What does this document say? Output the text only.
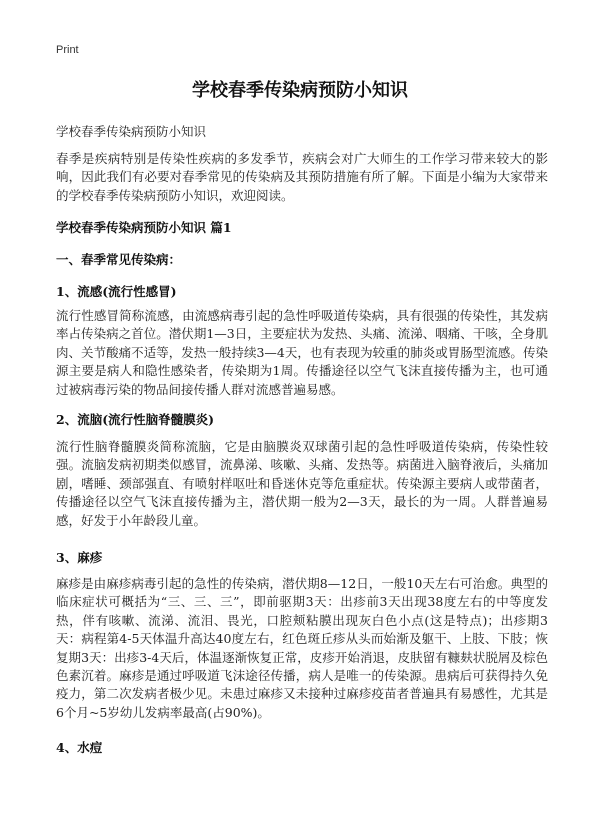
Print
学校春季传染病预防小知识

学校春季传染病预防小知识

春季是疾病特别是传染性疾病的多发季节，疾病会对广大师生的工作学习带来较大的影响，因此我们有必要对春季常见的传染病及其预防措施有所了解。下面是小编为大家带来的学校春季传染病预防小知识，欢迎阅读。

学校春季传染病预防小知识 篇1

一、春季常见传染病：

1、流感(流行性感冒)

流行性感冒简称流感，由流感病毒引起的急性呼吸道传染病，具有很强的传染性，其发病率占传染病之首位。潜伏期1—3日，主要症状为发热、头痛、流涕、咽痛、干咳，全身肌肉、关节酸痛不适等，发热一般持续3—4天，也有表现为较重的肺炎或胃肠型流感。传染源主要是病人和隐性感染者，传染期为1周。传播途径以空气飞沫直接传播为主，也可通过被病毒污染的物品间接传播人群对流感普遍易感。

2、流脑(流行性脑脊髓膜炎)

流行性脑脊髓膜炎简称流脑，它是由脑膜炎双球菌引起的急性呼吸道传染病，传染性较强。流脑发病初期类似感冒，流鼻涕、咳嗽、头痛、发热等。病菌进入脑脊液后，头痛加剧，嗜睡、颈部强直、有喷射样呕吐和昏迷休克等危重症状。传染源主要病人或带菌者，传播途径以空气飞沫直接传播为主，潜伏期一般为2—3天，最长的为一周。人群普遍易感，好发于小年龄段儿童。

3、麻疹

麻疹是由麻疹病毒引起的急性的传染病，潜伏期8—12日，一般10天左右可治愈。典型的临床症状可概括为“三、三、三”，即前驱期3天：出疹前3天出现38度左右的中等度发热，伴有咳嗽、流涕、流泪、畏光，口腔颊粘膜出现灰白色小点(这是特点)；出疹期3天：病程第4-5天体温升高达40度左右，红色斑丘疹从头而始渐及躯干、上肢、下肢；恢复期3天：出疹3-4天后，体温逐渐恢复正常，皮疹开始消退，皮肤留有糠麸状脱屑及棕色色素沉着。麻疹是通过呼吸道飞沫途径传播，病人是唯一的传染源。患病后可获得持久免疫力，第二次发病者极少见。未患过麻疹又未接种过麻疹疫苗者普遍具有易感性，尤其是6个月~5岁幼儿发病率最高(占90%)。

4、水痘
